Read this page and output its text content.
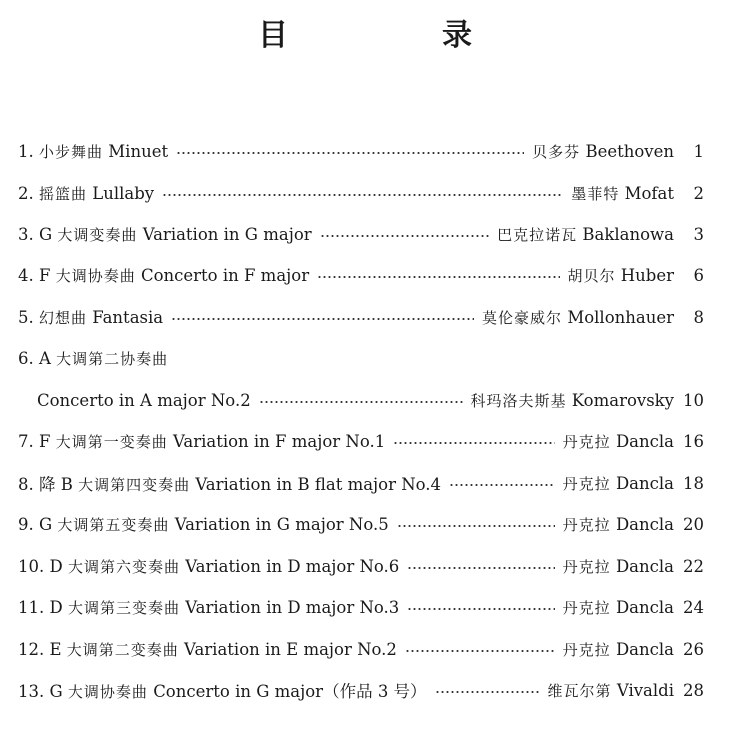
目　录
1. 小步舞曲 Minuet	贝多芬 Beethoven	1
2. 摇篮曲 Lullaby	墨菲特 Mofat	2
3. G 大调变奏曲 Variation in G major	巴克拉诺瓦 Baklanowa	3
4. F 大调协奏曲 Concerto in F major	胡贝尔 Huber	6
5. 幻想曲 Fantasia	莫伦豪威尔 Mollonhauer	8
6. A 大调第二协奏曲
Concerto in A major No.2	科玛洛夫斯基 Komarovsky 10
7. F 大调第一变奏曲 Variation in F major No.1	丹克拉 Dancla 16
8. 降 B 大调第四变奏曲 Variation in B flat major No.4	丹克拉 Dancla 18
9. G 大调第五变奏曲 Variation in G major No.5	丹克拉 Dancla 20
10. D 大调第六变奏曲 Variation in D major No.6	丹克拉 Dancla 22
11. D 大调第三变奏曲 Variation in D major No.3	丹克拉 Dancla 24
12. E 大调第二变奏曲 Variation in E major No.2	丹克拉 Dancla 26
13. G 大调协奏曲 Concerto in G major（作品 3 号）	维瓦尔第 Vivaldi 28
